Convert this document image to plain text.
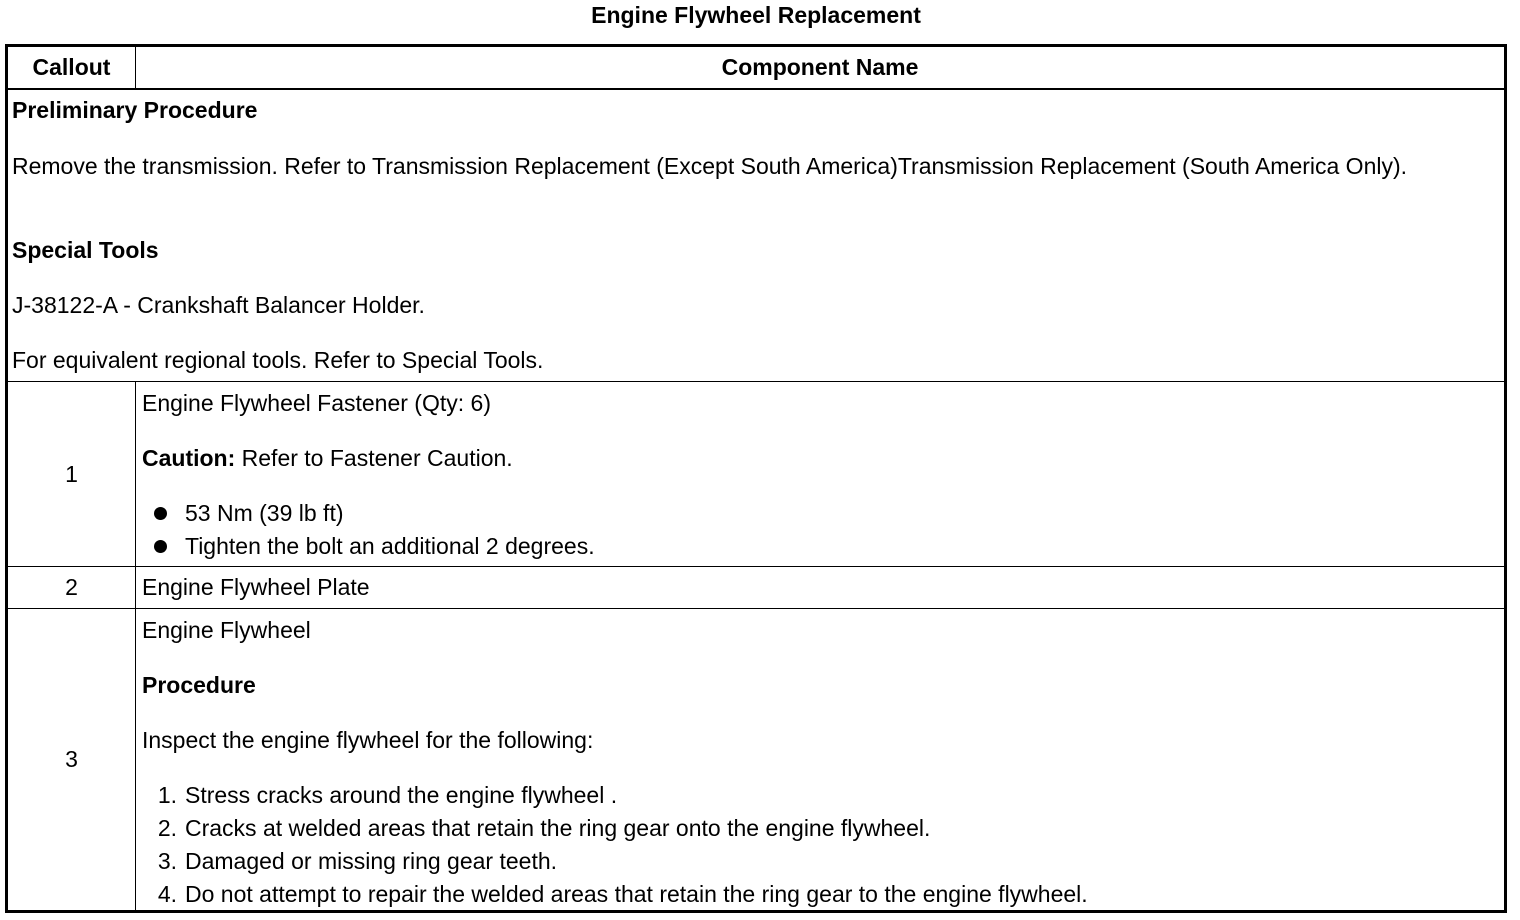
Engine Flywheel Replacement
Callout	Component Name

Preliminary Procedure

Remove the transmission. Refer to Transmission Replacement (Except South America)Transmission Replacement (South America Only).

Special Tools

J-38122-A - Crankshaft Balancer Holder.

For equivalent regional tools. Refer to Special Tools.

1

Engine Flywheel Fastener (Qty: 6)

Caution: Refer to Fastener Caution.

53 Nm (39 lb ft)
Tighten the bolt an additional 2 degrees.
2	Engine Flywheel Plate

3

Engine Flywheel

Procedure

Inspect the engine flywheel for the following:

1. Stress cracks around the engine flywheel .
2. Cracks at welded areas that retain the ring gear onto the engine flywheel.
3. Damaged or missing ring gear teeth.
4. Do not attempt to repair the welded areas that retain the ring gear to the engine flywheel.
